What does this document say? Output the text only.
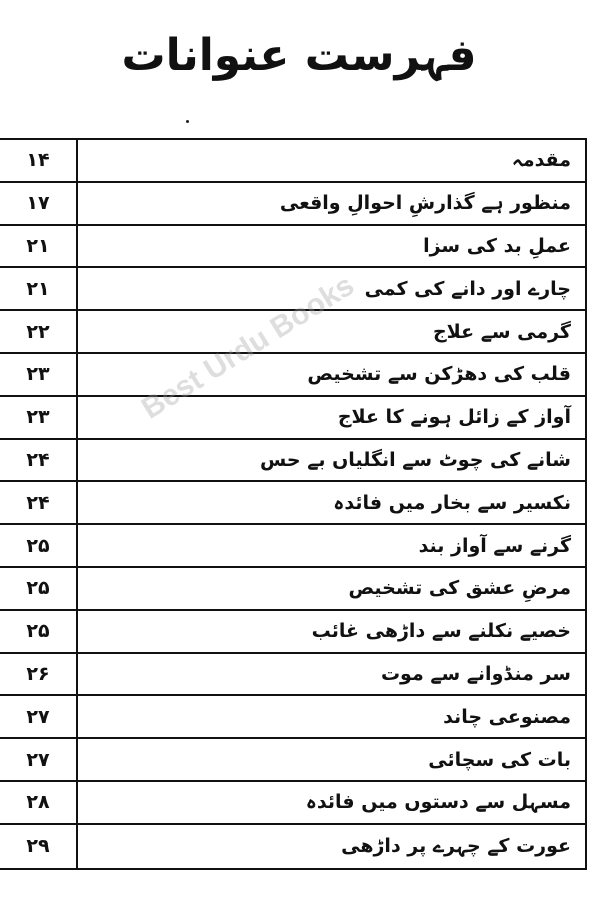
فہرست عنوانات
مقدمہ
۱۴
منظور ہے گذارشِ احوالِ واقعی
۱۷
عملِ بد کی سزا
۲۱
چارے اور دانے کی کمی
۲۱
گرمی سے علاج
۲۲
قلب کی دھڑکن سے تشخیص
۲۳
آواز کے زائل ہونے کا علاج
۲۳
شانے کی چوٹ سے انگلیاں بے حس
۲۴
نکسیر سے بخار میں فائدہ
۲۴
گرنے سے آواز بند
۲۵
مرضِ عشق کی تشخیص
۲۵
خصیے نکلنے سے داڑھی غائب
۲۵
سر منڈوانے سے موت
۲۶
مصنوعی چاند
۲۷
بات کی سچائی
۲۷
مسہل سے دستوں میں فائدہ
۲۸
عورت کے چہرے پر داڑھی
۲۹
Best Urdu Books
